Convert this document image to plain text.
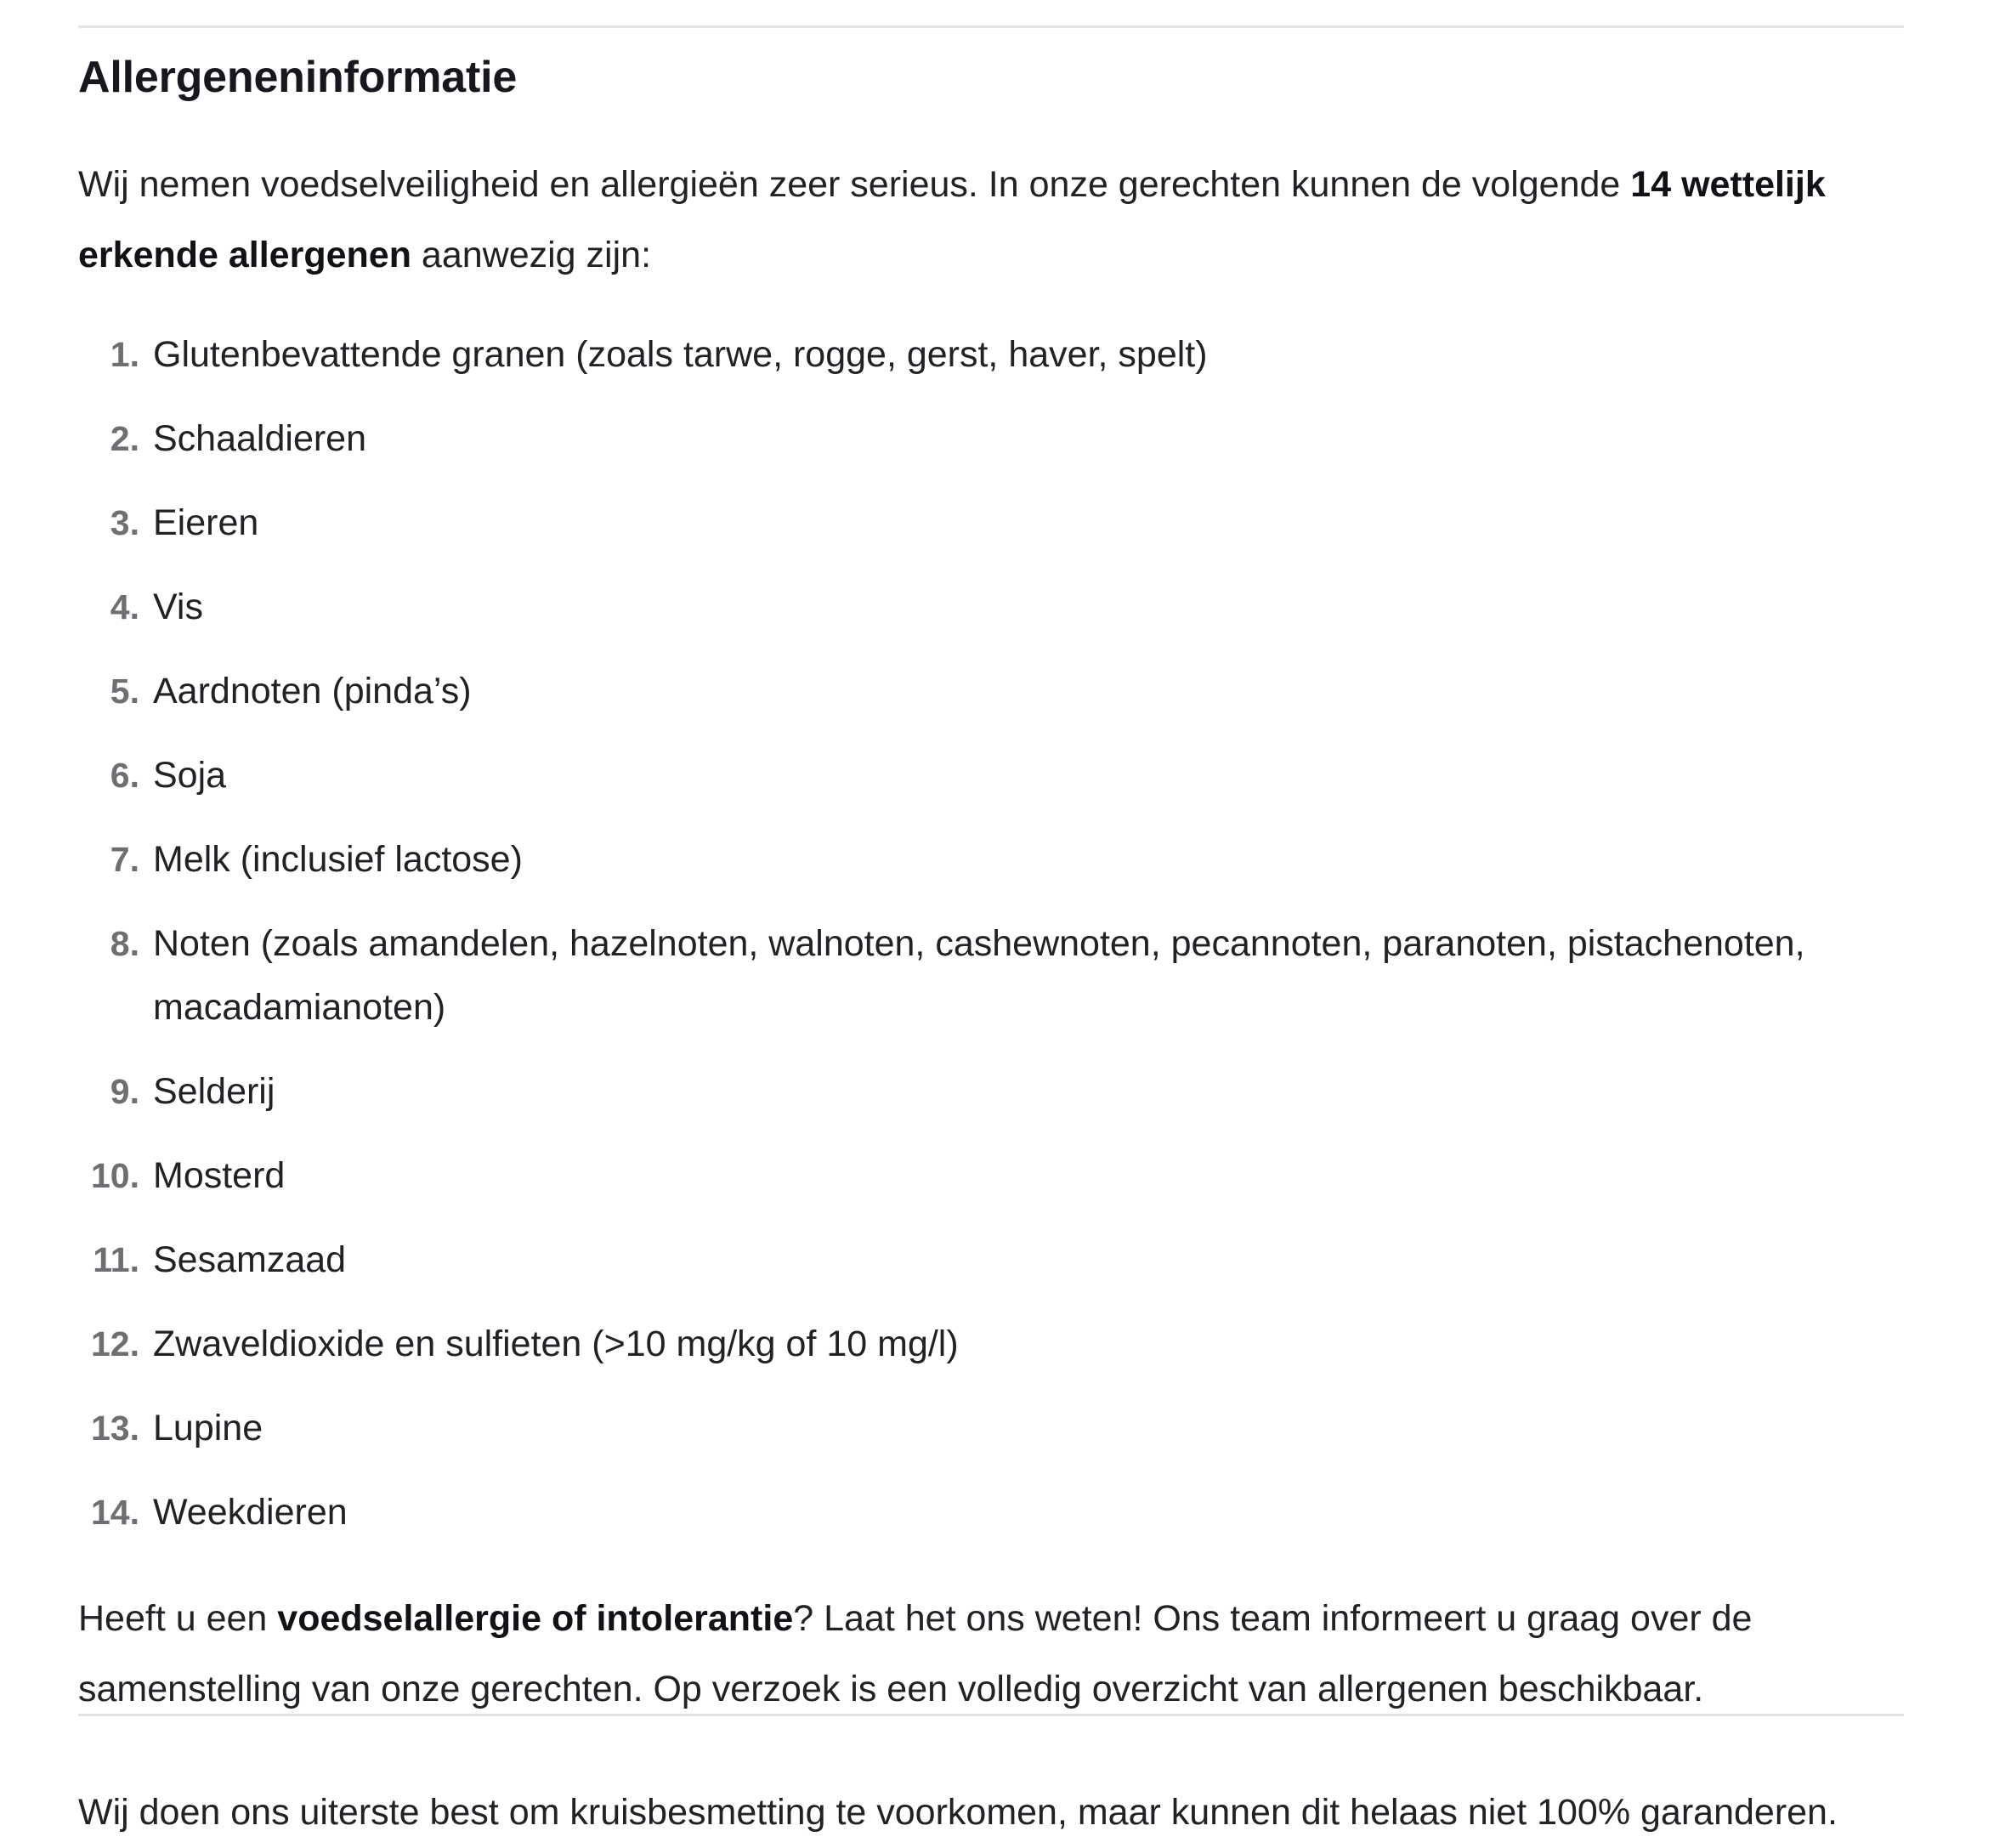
Allergeneninformatie

Wij nemen voedselveiligheid en allergieën zeer serieus. In onze gerechten kunnen de volgende 14 wettelijk erkende allergenen aanwezig zijn:

Glutenbevattende granen (zoals tarwe, rogge, gerst, haver, spelt)
Schaaldieren
Eieren
Vis
Aardnoten (pinda’s)
Soja
Melk (inclusief lactose)
Noten (zoals amandelen, hazelnoten, walnoten, cashewnoten, pecannoten, paranoten, pistachenoten, macadamianoten)
Selderij
Mosterd
Sesamzaad
Zwaveldioxide en sulfieten (>10 mg/kg of 10 mg/l)
Lupine
Weekdieren

Heeft u een voedselallergie of intolerantie? Laat het ons weten! Ons team informeert u graag over de samenstelling van onze gerechten. Op verzoek is een volledig overzicht van allergenen beschikbaar.

Wij doen ons uiterste best om kruisbesmetting te voorkomen, maar kunnen dit helaas niet 100% garanderen.
